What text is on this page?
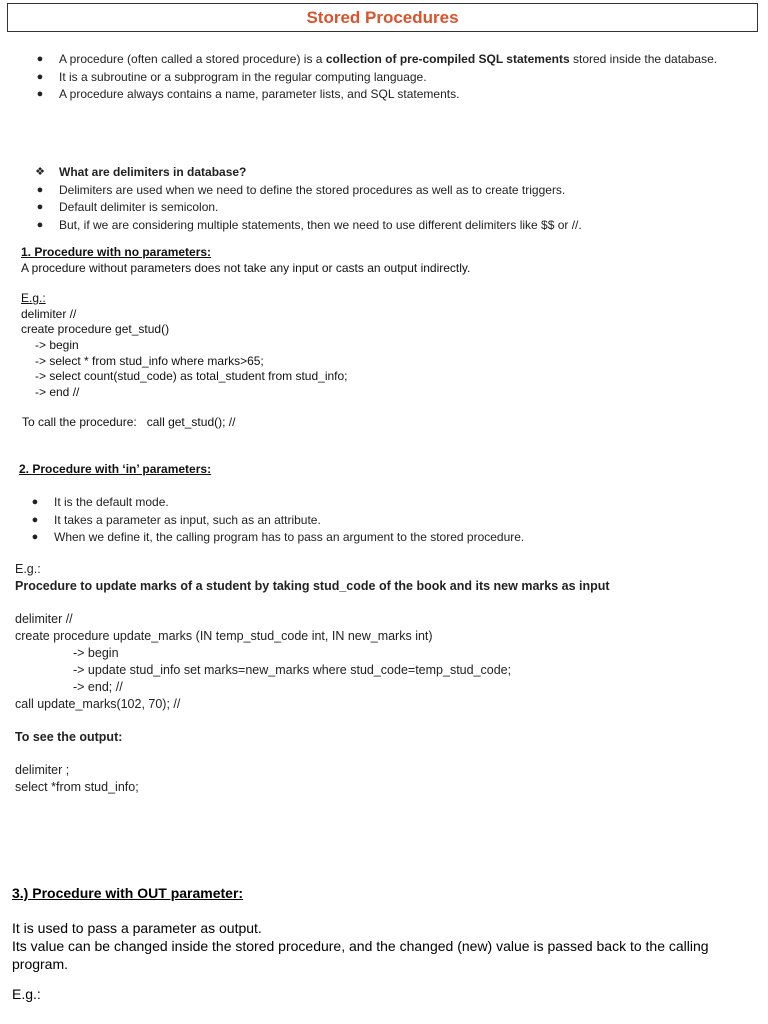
Stored Procedures
● A procedure (often called a stored procedure) is a collection of pre-compiled SQL statements stored inside the database.
● It is a subroutine or a subprogram in the regular computing language.
● A procedure always contains a name, parameter lists, and SQL statements.
❖ What are delimiters in database?
● Delimiters are used when we need to define the stored procedures as well as to create triggers.
● Default delimiter is semicolon.
● But, if we are considering multiple statements, then we need to use different delimiters like $$ or //.
1. Procedure with no parameters:
A procedure without parameters does not take any input or casts an output indirectly.
E.g.:
delimiter //
create procedure get_stud()
-> begin
-> select * from stud_info where marks>65;
-> select count(stud_code) as total_student from stud_info;
-> end //
To call the procedure:   call get_stud(); //
2. Procedure with ‘in’ parameters:
● It is the default mode.
● It takes a parameter as input, such as an attribute.
● When we define it, the calling program has to pass an argument to the stored procedure.
E.g.:
Procedure to update marks of a student by taking stud_code of the book and its new marks as input
delimiter //
create procedure update_marks (IN temp_stud_code int, IN new_marks int)
-> begin
-> update stud_info set marks=new_marks where stud_code=temp_stud_code;
-> end; //
call update_marks(102, 70); //
To see the output:
delimiter ;
select *from stud_info;
3.) Procedure with OUT parameter:
It is used to pass a parameter as output.
Its value can be changed inside the stored procedure, and the changed (new) value is passed back to the calling program.
E.g.:
